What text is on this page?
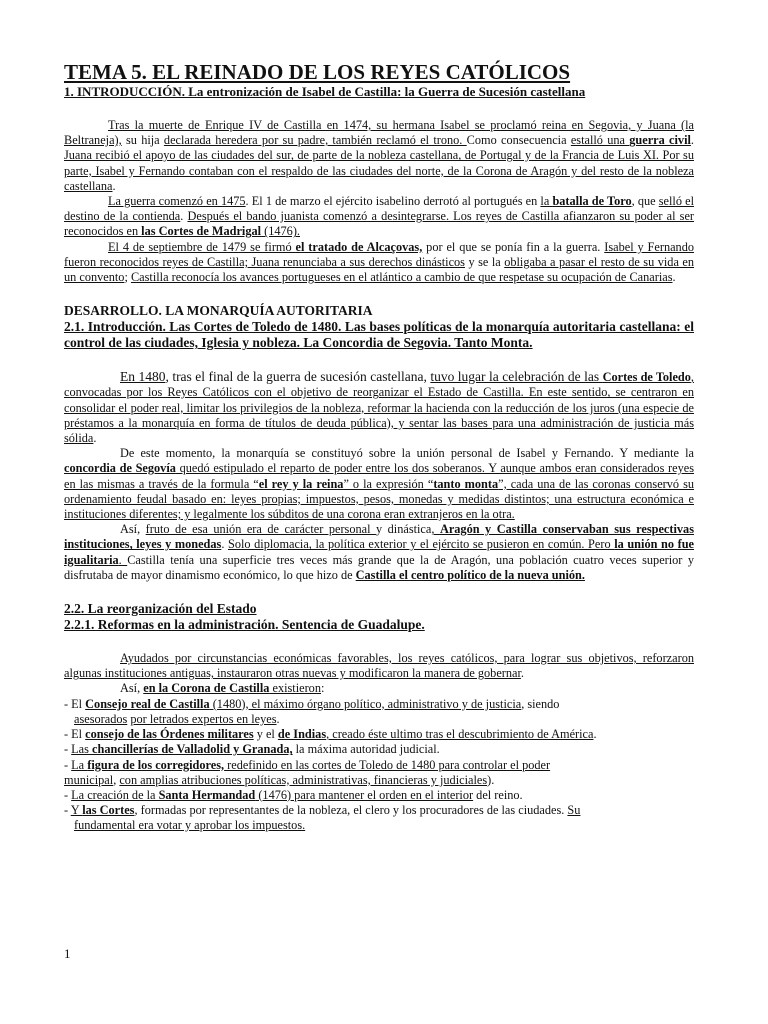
TEMA 5. EL REINADO DE LOS REYES CATÓLICOS
1. INTRODUCCIÓN. La entronización de Isabel de Castilla: la Guerra de Sucesión castellana

Tras la muerte de Enrique IV de Castilla en 1474, su hermana Isabel se proclamó reina en Segovia, y Juana (la Beltraneja), su hija declarada heredera por su padre, también reclamó el trono. Como consecuencia estalló una guerra civil. Juana recibió el apoyo de las ciudades del sur, de parte de la nobleza castellana, de Portugal y de la Francia de Luis XI. Por su parte, Isabel y Fernando contaban con el respaldo de las ciudades del norte, de la Corona de Aragón y del resto de la nobleza castellana.

La guerra comenzó en 1475. El 1 de marzo el ejército isabelino derrotó al portugués en la batalla de Toro, que selló el destino de la contienda. Después el bando juanista comenzó a desintegrarse. Los reyes de Castilla afianzaron su poder al ser reconocidos en las Cortes de Madrigal (1476).

El 4 de septiembre de 1479 se firmó el tratado de Alcaçovas, por el que se ponía fin a la guerra. Isabel y Fernando fueron reconocidos reyes de Castilla; Juana renunciaba a sus derechos dinásticos y se la obligaba a pasar el resto de su vida en un convento; Castilla reconocía los avances portugueses en el atlántico a cambio de que respetase su ocupación de Canarias.

DESARROLLO. LA MONARQUÍA AUTORITARIA
2.1. Introducción. Las Cortes de Toledo de 1480. Las bases políticas de la monarquía autoritaria castellana: el control de las ciudades, Iglesia y nobleza. La Concordia de Segovia. Tanto Monta.

En 1480, tras el final de la guerra de sucesión castellana, tuvo lugar la celebración de las Cortes de Toledo, convocadas por los Reyes Católicos con el objetivo de reorganizar el Estado de Castilla. En este sentido, se centraron en consolidar el poder real, limitar los privilegios de la nobleza, reformar la hacienda con la reducción de los juros (una especie de préstamos a la monarquía en forma de títulos de deuda pública), y sentar las bases para una administración de justicia más sólida.

De este momento, la monarquía se constituyó sobre la unión personal de Isabel y Fernando. Y mediante la concordia de Segovía quedó estipulado el reparto de poder entre los dos soberanos. Y aunque ambos eran considerados reyes en las mismas a través de la formula “el rey y la reina” o la expresión “tanto monta”, cada una de las coronas conservó su ordenamiento feudal basado en: leyes propias; impuestos, pesos, monedas y medidas distintos; una estructura económica e instituciones diferentes; y legalmente los súbditos de una corona eran extranjeros en la otra.

Así, fruto de esa unión era de carácter personal y dinástica, Aragón y Castilla conservaban sus respectivas instituciones, leyes y monedas. Solo diplomacia, la política exterior y el ejército se pusieron en común. Pero la unión no fue igualitaria. Castilla tenía una superficie tres veces más grande que la de Aragón, una población cuatro veces superior y disfrutaba de mayor dinamismo económico, lo que hizo de Castilla el centro político de la nueva unión.

2.2. La reorganización del Estado
2.2.1. Reformas en la administración. Sentencia de Guadalupe.

Ayudados por circunstancias económicas favorables, los reyes católicos, para lograr sus objetivos, reforzaron algunas instituciones antiguas, instauraron otras nuevas y modificaron la manera de gobernar.

Así, en la Corona de Castilla existieron:

- El Consejo real de Castilla (1480), el máximo órgano político, administrativo y de justicia, siendo

asesorados por letrados expertos en leyes.

- El consejo de las Órdenes militares y el de Indias, creado éste ultimo tras el descubrimiento de América.

- Las chancillerías de Valladolid y Granada, la máxima autoridad judicial.

- La figura de los corregidores, redefinido en las cortes de Toledo de 1480 para controlar el poder

municipal, con amplias atribuciones políticas, administrativas, financieras y judiciales).

- La creación de la Santa Hermandad (1476) para mantener el orden en el interior del reino.

- Y las Cortes, formadas por representantes de la nobleza, el clero y los procuradores de las ciudades. Su

fundamental era votar y aprobar los impuestos.

1
